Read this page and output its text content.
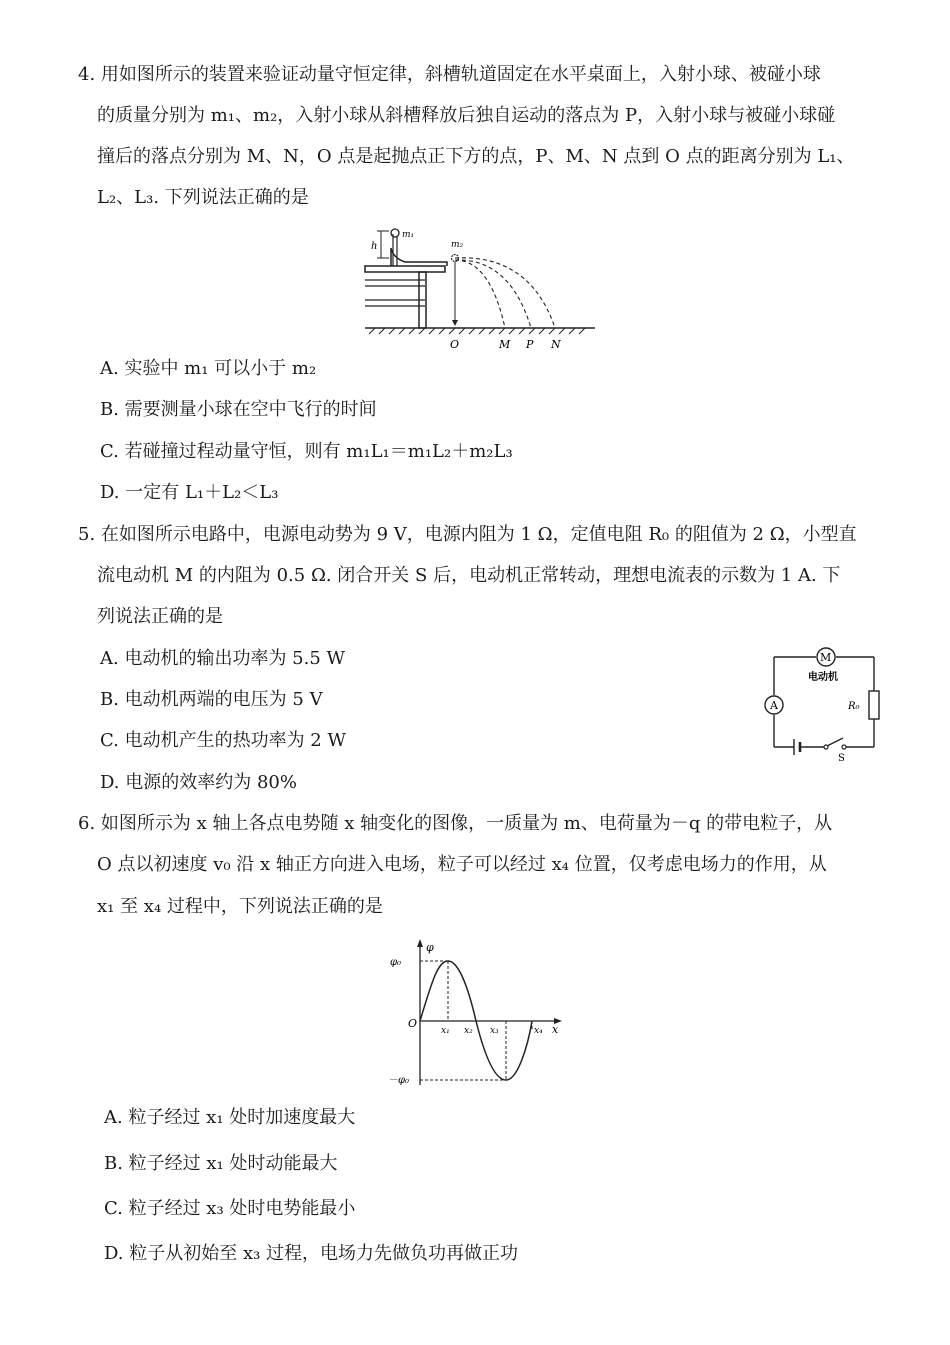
4. 用如图所示的装置来验证动量守恒定律，斜槽轨道固定在水平桌面上，入射小球、被碰小球
的质量分别为 m₁、m₂，入射小球从斜槽释放后独自运动的落点为 P，入射小球与被碰小球碰
撞后的落点分别为 M、N，O 点是起抛点正下方的点，P、M、N 点到 O 点的距离分别为 L₁、
L₂、L₃. 下列说法正确的是
h
m₁
m₂
O	M P N
A. 实验中 m₁ 可以小于 m₂
B. 需要测量小球在空中飞行的时间
C. 若碰撞过程动量守恒，则有 m₁L₁＝m₁L₂＋m₂L₃
D. 一定有 L₁＋L₂＜L₃
5. 在如图所示电路中，电源电动势为 9 V，电源内阻为 1 Ω，定值电阻 R₀ 的阻值为 2 Ω，小型直
流电动机 M 的内阻为 0.5 Ω. 闭合开关 S 后，电动机正常转动，理想电流表的示数为 1 A. 下
列说法正确的是
A. 电动机的输出功率为 5.5 W
B. 电动机两端的电压为 5 V
C. 电动机产生的热功率为 2 W
D. 电源的效率约为 80%
M
电动机
A	R₀
S
6. 如图所示为 x 轴上各点电势随 x 轴变化的图像，一质量为 m、电荷量为－q 的带电粒子，从
O 点以初速度 v₀ 沿 x 轴正方向进入电场，粒子可以经过 x₄ 位置，仅考虑电场力的作用，从
x₁ 至 x₄ 过程中，下列说法正确的是
φ
φ₀
－φ₀
O	x
x₁ x₂ x₃	x₄
A. 粒子经过 x₁ 处时加速度最大
B. 粒子经过 x₁ 处时动能最大
C. 粒子经过 x₃ 处时电势能最小
D. 粒子从初始至 x₃ 过程，电场力先做负功再做正功
